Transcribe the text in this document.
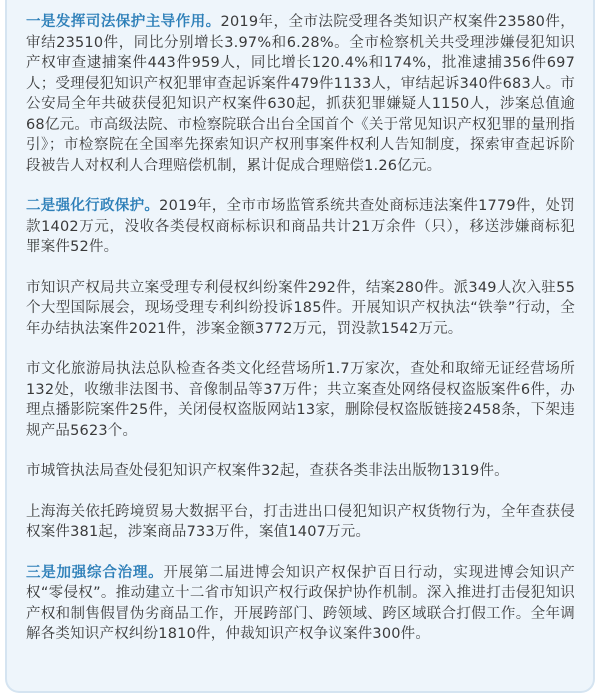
一是发挥司法保护主导作用。2019年，全市法院受理各类知识产权案件23580件，审结23510件，同比分别增长3.97%和6.28%。全市检察机关共受理涉嫌侵犯知识产权审查逮捕案件443件959人，同比增长120.4%和174%，批准逮捕356件697人；受理侵犯知识产权犯罪审查起诉案件479件1133人，审结起诉340件683人。市公安局全年共破获侵犯知识产权案件630起，抓获犯罪嫌疑人1150人，涉案总值逾68亿元。市高级法院、市检察院联合出台全国首个《关于常见知识产权犯罪的量刑指引》；市检察院在全国率先探索知识产权刑事案件权利人告知制度，探索审查起诉阶段被告人对权利人合理赔偿机制，累计促成合理赔偿1.26亿元。

二是强化行政保护。2019年，全市市场监管系统共查处商标违法案件1779件，处罚款1402万元，没收各类侵权商标标识和商品共计21万余件（只），移送涉嫌商标犯罪案件52件。

市知识产权局共立案受理专利侵权纠纷案件292件，结案280件。派349人次入驻55个大型国际展会，现场受理专利纠纷投诉185件。开展知识产权执法“铁拳”行动，全年办结执法案件2021件，涉案金额3772万元，罚没款1542万元。

市文化旅游局执法总队检查各类文化经营场所1.7万家次，查处和取缔无证经营场所132处，收缴非法图书、音像制品等37万件；共立案查处网络侵权盗版案件6件，办理点播影院案件25件，关闭侵权盗版网站13家，删除侵权盗版链接2458条，下架违规产品5623个。

市城管执法局查处侵犯知识产权案件32起，查获各类非法出版物1319件。

上海海关依托跨境贸易大数据平台，打击进出口侵犯知识产权货物行为，全年查获侵权案件381起，涉案商品733万件，案值1407万元。

三是加强综合治理。开展第二届进博会知识产权保护百日行动，实现进博会知识产权“零侵权”。推动建立十二省市知识产权行政保护协作机制。深入推进打击侵犯知识产权和制售假冒伪劣商品工作，开展跨部门、跨领域、跨区域联合打假工作。全年调解各类知识产权纠纷1810件，仲裁知识产权争议案件300件。
